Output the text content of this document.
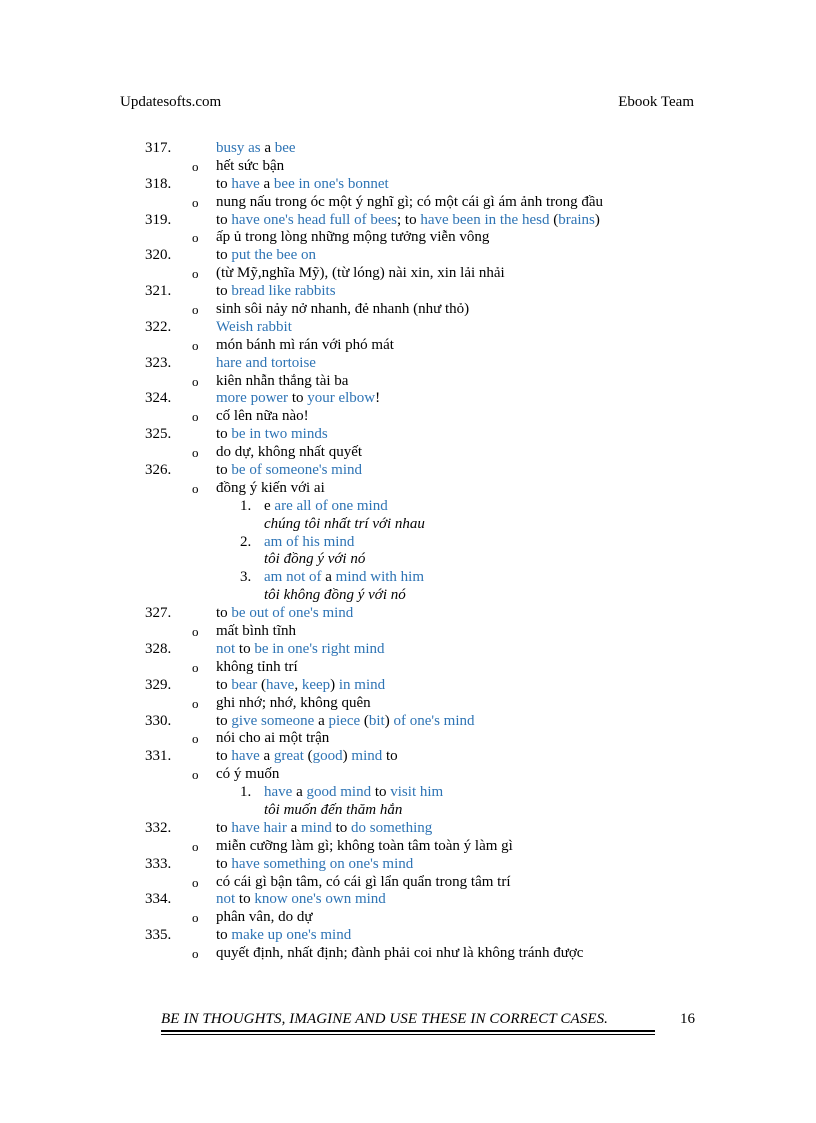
Updatesofts.com	Ebook Team
317.	busy as a bee
o hết sức bận
318.	to have a bee in one's bonnet
o nung nấu trong óc một ý nghĩ gì; có một cái gì ám ảnh trong đầu
319.	to have one's head full of bees; to have been in the hesd (brains)
o ấp ủ trong lòng những mộng tưởng viễn vông
320.	to put the bee on
o (từ Mỹ,nghĩa Mỹ), (từ lóng) nài xin, xin lải nhải
321.	to bread like rabbits
o sinh sôi nảy nở nhanh, đẻ nhanh (như thỏ)
322.	Weish rabbit
o món bánh mì rán với phó mát
323.	hare and tortoise
o kiên nhẫn thắng tài ba
324.	more power to your elbow!
o cố lên nữa nào!
325.	to be in two minds
o do dự, không nhất quyết
326.	to be of someone's mind
o đồng ý kiến với ai
1. e are all of one mind
chúng tôi nhất trí với nhau
2. am of his mind
tôi đồng ý với nó
3. am not of a mind with him
tôi không đồng ý với nó
327.	to be out of one's mind
o mất bình tĩnh
328.	not to be in one's right mind
o không tỉnh trí
329.	to bear (have, keep) in mind
o ghi nhớ; nhớ, không quên
330.	to give someone a piece (bit) of one's mind
o nói cho ai một trận
331.	to have a great (good) mind to
o có ý muốn
1. have a good mind to visit him
tôi muốn đến thăm hắn
332.	to have hair a mind to do something
o miễn cưỡng làm gì; không toàn tâm toàn ý làm gì
333.	to have something on one's mind
o có cái gì bận tâm, có cái gì lẩn quẩn trong tâm trí
334.	not to know one's own mind
o phân vân, do dự
335.	to make up one's mind
o quyết định, nhất định; đành phải coi như là không tránh được
BE IN THOUGHTS, IMAGINE AND USE THESE IN CORRECT CASES.	16
